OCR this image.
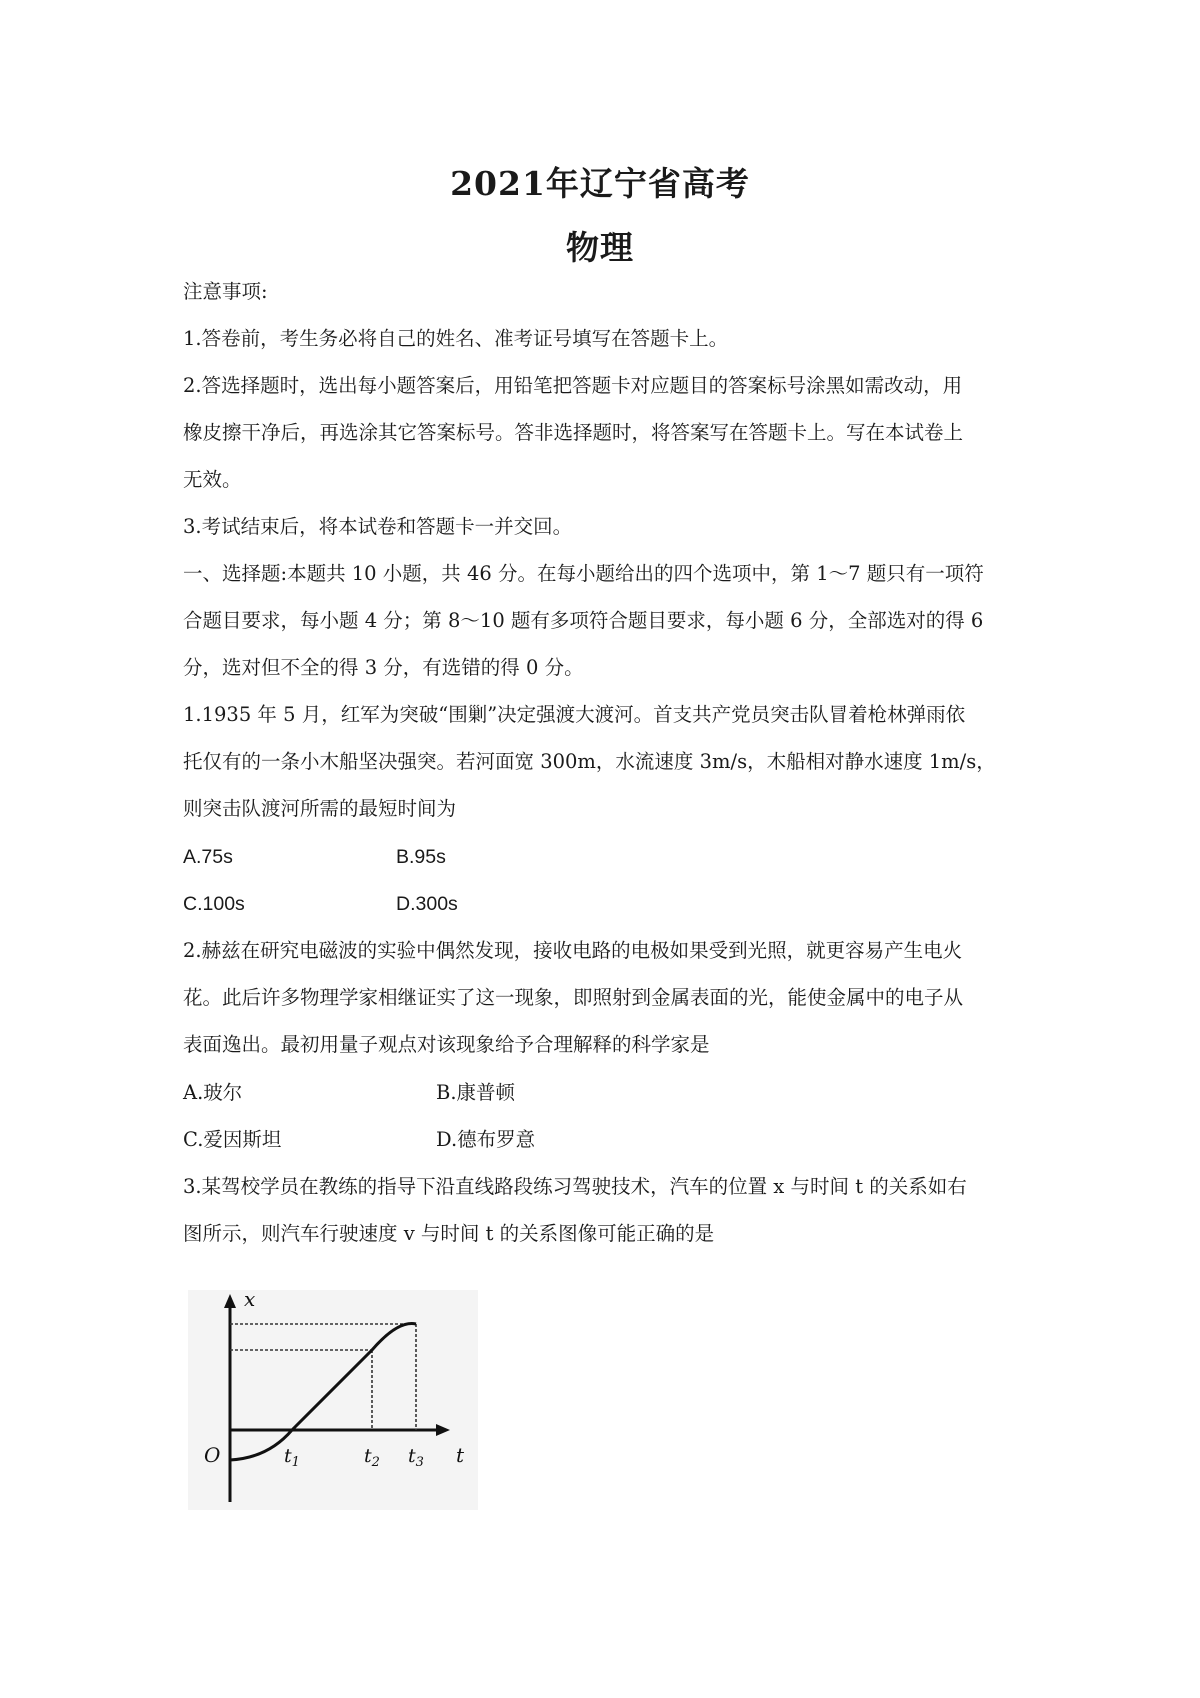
2021年辽宁省高考
物理
注意事项:
1.答卷前，考生务必将自己的姓名、准考证号填写在答题卡上。
2.答选择题时，选出每小题答案后，用铅笔把答题卡对应题目的答案标号涂黑如需改动，用
橡皮擦干净后，再选涂其它答案标号。答非选择题时，将答案写在答题卡上。写在本试卷上
无效。
3.考试结束后，将本试卷和答题卡一并交回。
一、选择题:本题共 10 小题，共 46 分。在每小题给出的四个选项中，第 1～7 题只有一项符
合题目要求，每小题 4 分；第 8～10 题有多项符合题目要求，每小题 6 分，全部选对的得 6
分，选对但不全的得 3 分，有选错的得 0 分。
1.1935 年 5 月，红军为突破“围剿”决定强渡大渡河。首支共产党员突击队冒着枪林弹雨依
托仅有的一条小木船坚决强突。若河面宽 300m，水流速度 3m/s，木船相对静水速度 1m/s，
则突击队渡河所需的最短时间为
A.75s	B.95s
C.100s	D.300s
2.赫兹在研究电磁波的实验中偶然发现，接收电路的电极如果受到光照，就更容易产生电火
花。此后许多物理学家相继证实了这一现象，即照射到金属表面的光，能使金属中的电子从
表面逸出。最初用量子观点对该现象给予合理解释的科学家是
A.玻尔	B.康普顿
C.爱因斯坦	D.德布罗意
3.某驾校学员在教练的指导下沿直线路段练习驾驶技术，汽车的位置 x 与时间 t 的关系如右
图所示，则汽车行驶速度 v 与时间 t 的关系图像可能正确的是
x
t
O	$t_1$	$t_2$ $t_3$
